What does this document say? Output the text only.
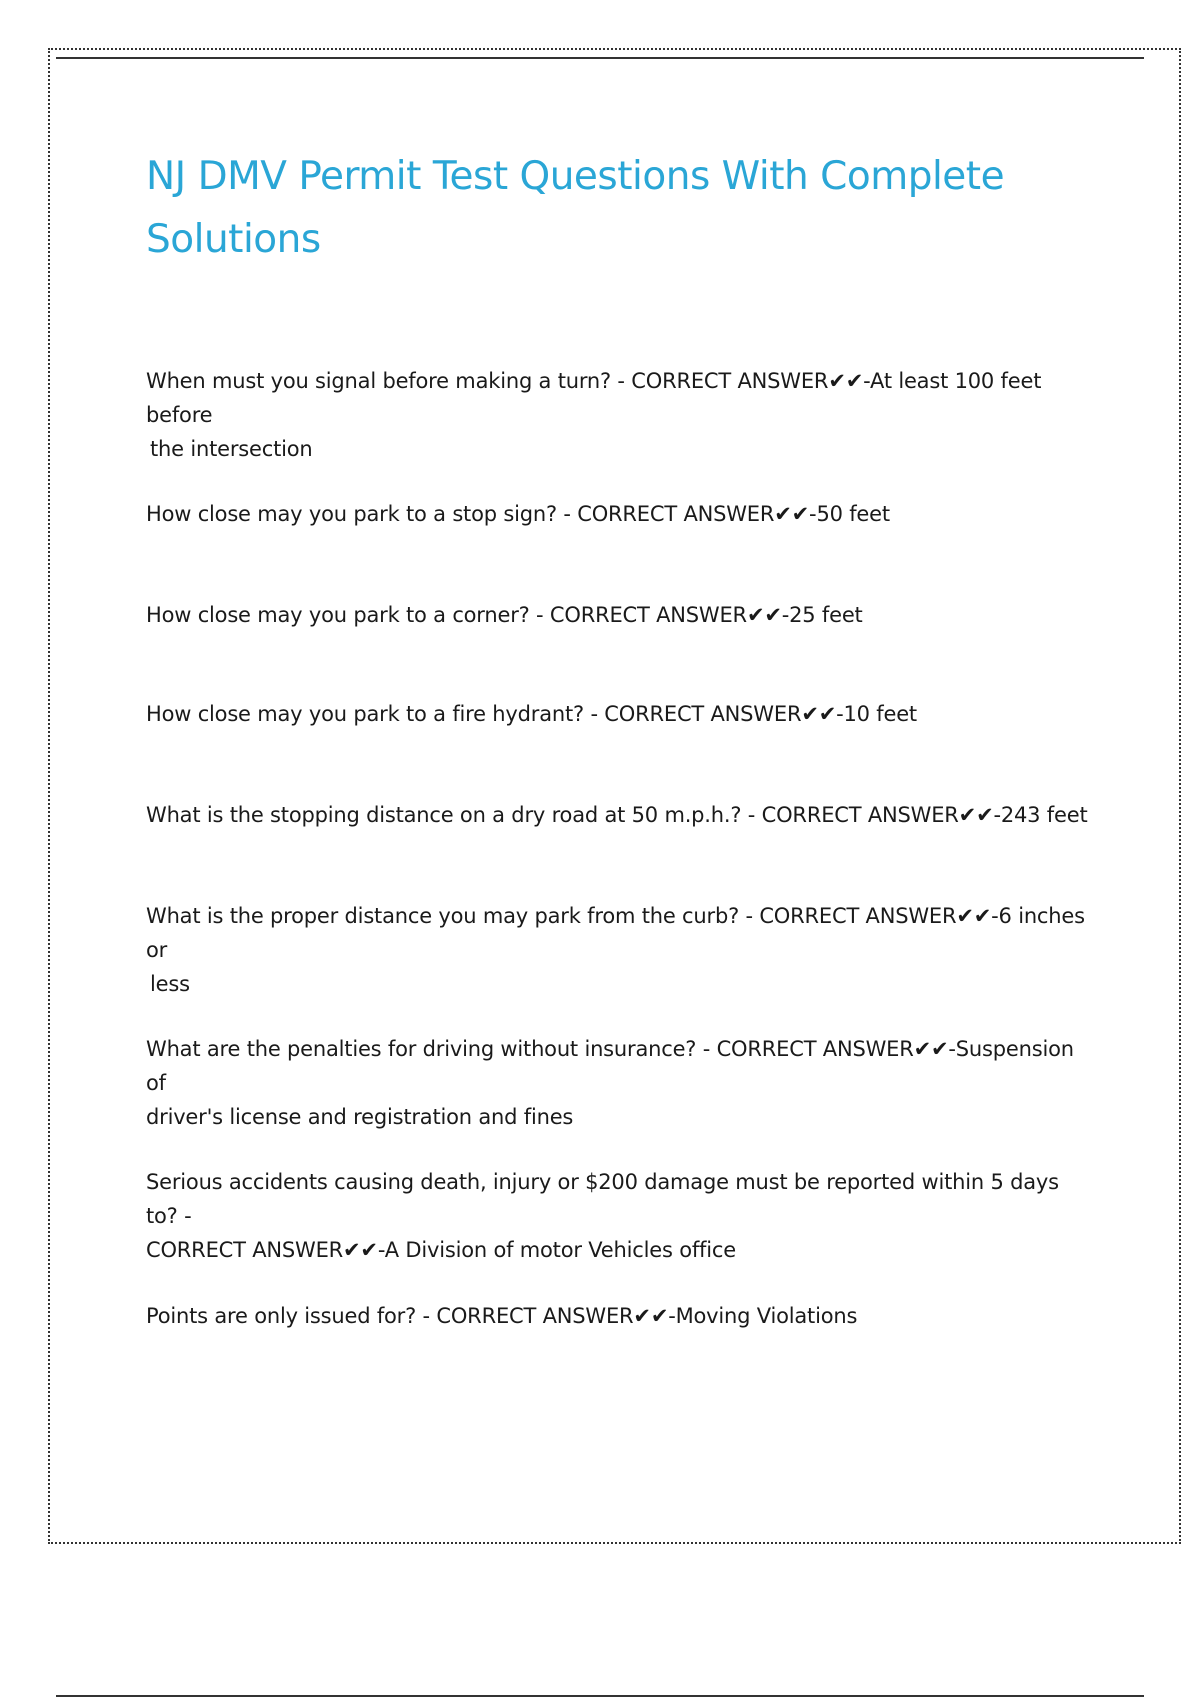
NJ DMV Permit Test Questions With Complete
Solutions
When must you signal before making a turn? - CORRECT ANSWER✔✔-At least 100 feet before
the intersection
How close may you park to a stop sign? - CORRECT ANSWER✔✔-50 feet
How close may you park to a corner? - CORRECT ANSWER✔✔-25 feet
How close may you park to a fire hydrant? - CORRECT ANSWER✔✔-10 feet
What is the stopping distance on a dry road at 50 m.p.h.? - CORRECT ANSWER✔✔-243 feet
What is the proper distance you may park from the curb? - CORRECT ANSWER✔✔-6 inches or
less
What are the penalties for driving without insurance? - CORRECT ANSWER✔✔-Suspension of
driver's license and registration and fines
Serious accidents causing death, injury or $200 damage must be reported within 5 days to? -
CORRECT ANSWER✔✔-A Division of motor Vehicles office
Points are only issued for? - CORRECT ANSWER✔✔-Moving Violations
